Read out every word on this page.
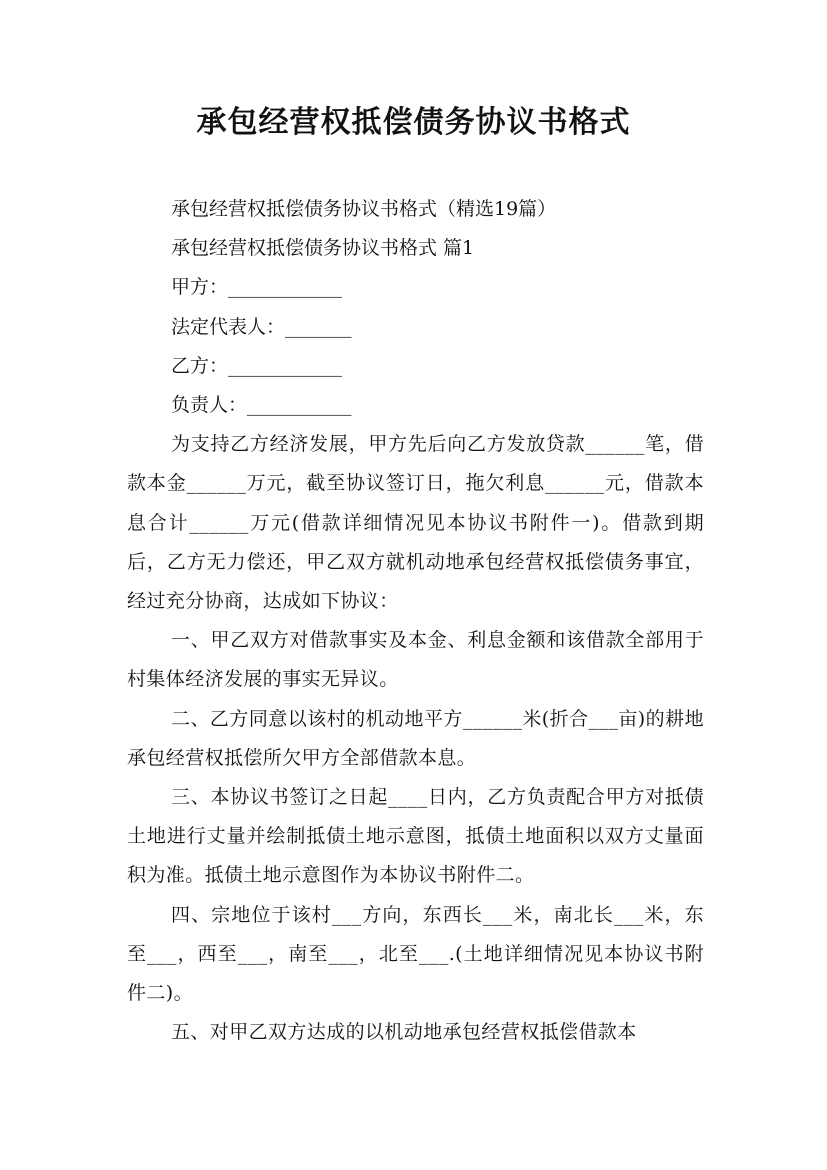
承包经营权抵偿债务协议书格式
承包经营权抵偿债务协议书格式（精选19篇）
承包经营权抵偿债务协议书格式 篇1
甲方：____________
法定代表人：_______
乙方：____________
负责人：___________
为支持乙方经济发展，甲方先后向乙方发放贷款______笔，借款本金______万元，截至协议签订日，拖欠利息______元，借款本息合计______万元(借款详细情况见本协议书附件一)。借款到期后，乙方无力偿还，甲乙双方就机动地承包经营权抵偿债务事宜，经过充分协商，达成如下协议：
一、甲乙双方对借款事实及本金、利息金额和该借款全部用于村集体经济发展的事实无异议。
二、乙方同意以该村的机动地平方______米(折合___亩)的耕地承包经营权抵偿所欠甲方全部借款本息。
三、本协议书签订之日起____日内，乙方负责配合甲方对抵债土地进行丈量并绘制抵债土地示意图，抵债土地面积以双方丈量面积为准。抵债土地示意图作为本协议书附件二。
四、宗地位于该村___方向，东西长___米，南北长___米，东至___，西至___，南至___，北至___.(土地详细情况见本协议书附件二)。
五、对甲乙双方达成的以机动地承包经营权抵偿借款本
